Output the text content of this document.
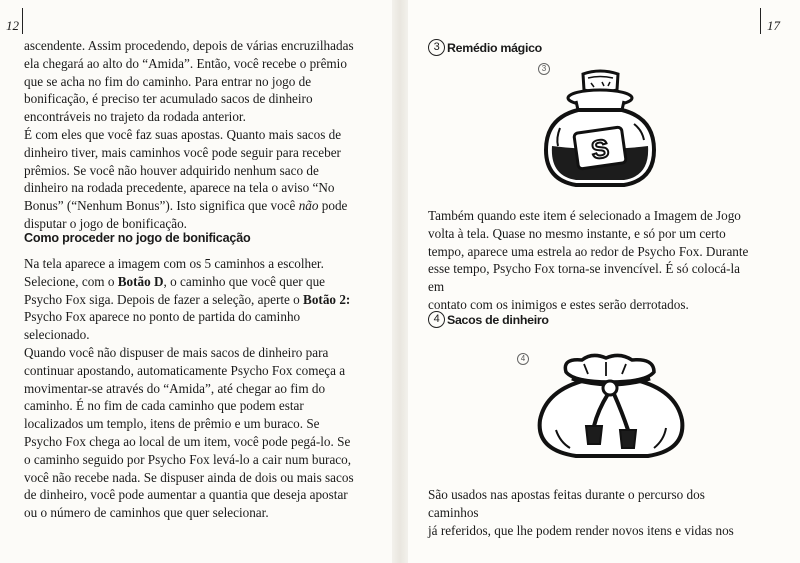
12	17
ascendente. Assim procedendo, depois de várias encruzilhadas
ela chegará ao alto do “Amida”. Então, você recebe o prêmio
que se acha no fim do caminho. Para entrar no jogo de
bonificação, é preciso ter acumulado sacos de dinheiro
encontráveis no trajeto da rodada anterior.
É com eles que você faz suas apostas. Quanto mais sacos de
dinheiro tiver, mais caminhos você pode seguir para receber
prêmios. Se você não houver adquirido nenhum saco de
dinheiro na rodada precedente, aparece na tela o aviso “No
Bonus” (“Nenhum Bonus”). Isto significa que você não pode
disputar o jogo de bonificação.
Como proceder no jogo de bonificação
Na tela aparece a imagem com os 5 caminhos a escolher.
Selecione, com o Botão D, o caminho que você quer que
Psycho Fox siga. Depois de fazer a seleção, aperte o Botão 2:
Psycho Fox aparece no ponto de partida do caminho
selecionado.
Quando você não dispuser de mais sacos de dinheiro para
continuar apostando, automaticamente Psycho Fox começa a
movimentar-se através do “Amida”, até chegar ao fim do
caminho. É no fim de cada caminho que podem estar
localizados um templo, itens de prêmio e um buraco. Se
Psycho Fox chega ao local de um item, você pode pegá-lo. Se
o caminho seguido por Psycho Fox levá-lo a cair num buraco,
você não recebe nada. Se dispuser ainda de dois ou mais sacos
de dinheiro, você pode aumentar a quantia que deseja apostar
ou o número de caminhos que quer selecionar.
3 Remédio mágico
3
S
Também quando este item é selecionado a Imagem de Jogo
volta à tela. Quase no mesmo instante, e só por um certo
tempo, aparece uma estrela ao redor de Psycho Fox. Durante
esse tempo, Psycho Fox torna-se invencível. É só colocá-la em
contato com os inimigos e estes serão derrotados.
4 Sacos de dinheiro
4
São usados nas apostas feitas durante o percurso dos caminhos
já referidos, que lhe podem render novos itens e vidas nos
